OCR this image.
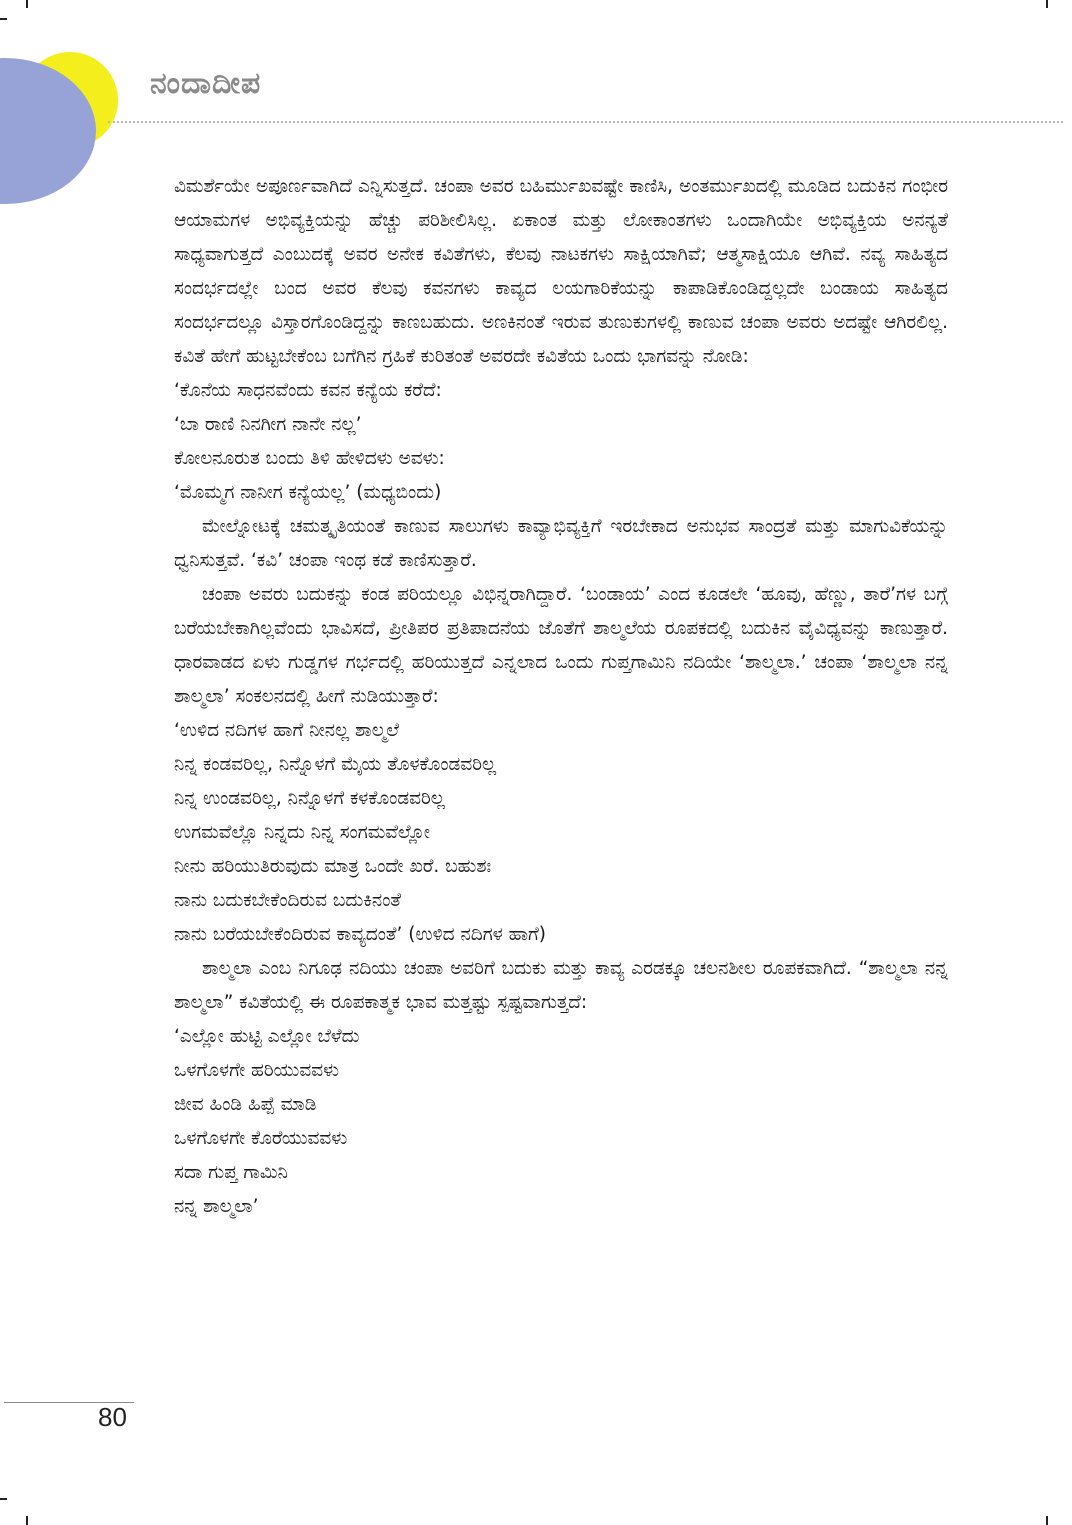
ನಂದಾದೀಪ

ವಿಮರ್ಶೆಯೇ ಅಪೂರ್ಣವಾಗಿದೆ ಎನ್ನಿಸುತ್ತದೆ. ಚಂಪಾ ಅವರ ಬಹಿರ್ಮುಖವಷ್ಟೇ ಕಾಣಿಸಿ, ಅಂತರ್ಮುಖದಲ್ಲಿ ಮೂಡಿದ ಬದುಕಿನ ಗಂಭೀರ ಆಯಾಮಗಳ ಅಭಿವ್ಯಕ್ತಿಯನ್ನು ಹೆಚ್ಚು ಪರಿಶೀಲಿಸಿಲ್ಲ. ಏಕಾಂತ ಮತ್ತು ಲೋಕಾಂತಗಳು ಒಂದಾಗಿಯೇ ಅಭಿವ್ಯಕ್ತಿಯ ಅನನ್ಯತೆ ಸಾಧ್ಯವಾಗುತ್ತದೆ ಎಂಬುದಕ್ಕೆ ಅವರ ಅನೇಕ ಕವಿತೆಗಳು, ಕೆಲವು ನಾಟಕಗಳು ಸಾಕ್ಷಿಯಾಗಿವೆ; ಆತ್ಮಸಾಕ್ಷಿಯೂ ಆಗಿವೆ. ನವ್ಯ ಸಾಹಿತ್ಯದ ಸಂದರ್ಭದಲ್ಲೇ ಬಂದ ಅವರ ಕೆಲವು ಕವನಗಳು ಕಾವ್ಯದ ಲಯಗಾರಿಕೆಯನ್ನು ಕಾಪಾಡಿಕೊಂಡಿದ್ದಲ್ಲದೇ ಬಂಡಾಯ ಸಾಹಿತ್ಯದ ಸಂದರ್ಭದಲ್ಲೂ ವಿಸ್ತಾರಗೊಂಡಿದ್ದನ್ನು ಕಾಣಬಹುದು. ಅಣಕಿನಂತೆ ಇರುವ ತುಣುಕುಗಳಲ್ಲಿ ಕಾಣುವ ಚಂಪಾ ಅವರು ಅದಷ್ಟೇ ಆಗಿರಲಿಲ್ಲ. ಕವಿತೆ ಹೇಗೆ ಹುಟ್ಟಬೇಕೆಂಬ ಬಗೆಗಿನ ಗ್ರಹಿಕೆ ಕುರಿತಂತೆ ಅವರದೇ ಕವಿತೆಯ ಒಂದು ಭಾಗವನ್ನು ನೋಡಿ:

‘ಕೊನೆಯ ಸಾಧನವೆಂದು ಕವನ ಕನ್ಯೆಯ ಕರೆದೆ:
‘ಬಾ ರಾಣಿ ನಿನಗೀಗ ನಾನೇ ನಲ್ಲ’
ಕೋಲನೂರುತ ಬಂದು ತಿಳಿ ಹೇಳಿದಳು ಅವಳು:
‘ಮೊಮ್ಮಗ ನಾನೀಗ ಕನ್ಯೆಯಲ್ಲ’ (ಮಧ್ಯಬಿಂದು)

ಮೇಲ್ನೋಟಕ್ಕೆ ಚಮತ್ಕೃತಿಯಂತೆ ಕಾಣುವ ಸಾಲುಗಳು ಕಾವ್ಯಾಭಿವ್ಯಕ್ತಿಗೆ ಇರಬೇಕಾದ ಅನುಭವ ಸಾಂದ್ರತೆ ಮತ್ತು ಮಾಗುವಿಕೆಯನ್ನು ಧ್ವನಿಸುತ್ತವೆ. ‘ಕವಿ’ ಚಂಪಾ ಇಂಥ ಕಡೆ ಕಾಣಿಸುತ್ತಾರೆ.

ಚಂಪಾ ಅವರು ಬದುಕನ್ನು ಕಂಡ ಪರಿಯಲ್ಲೂ ವಿಭಿನ್ನರಾಗಿದ್ದಾರೆ. ‘ಬಂಡಾಯ’ ಎಂದ ಕೂಡಲೇ ‘ಹೂವು, ಹೆಣ್ಣು, ತಾರೆ’ಗಳ ಬಗ್ಗೆ ಬರೆಯಬೇಕಾಗಿಲ್ಲವೆಂದು ಭಾವಿಸದೆ, ಪ್ರೀತಿಪರ ಪ್ರತಿಪಾದನೆಯ ಜೊತೆಗೆ ಶಾಲ್ಮಲೆಯ ರೂಪಕದಲ್ಲಿ ಬದುಕಿನ ವೈವಿಧ್ಯವನ್ನು ಕಾಣುತ್ತಾರೆ. ಧಾರವಾಡದ ಏಳು ಗುಡ್ಡಗಳ ಗರ್ಭದಲ್ಲಿ ಹರಿಯುತ್ತದೆ ಎನ್ನಲಾದ ಒಂದು ಗುಪ್ತಗಾಮಿನಿ ನದಿಯೇ ‘ಶಾಲ್ಮಲಾ.’ ಚಂಪಾ ‘ಶಾಲ್ಮಲಾ ನನ್ನ ಶಾಲ್ಮಲಾ’ ಸಂಕಲನದಲ್ಲಿ ಹೀಗೆ ನುಡಿಯುತ್ತಾರೆ:

‘ಉಳಿದ ನದಿಗಳ ಹಾಗೆ ನೀನಲ್ಲ ಶಾಲ್ಮಲೆ
ನಿನ್ನ ಕಂಡವರಿಲ್ಲ, ನಿನ್ನೊಳಗೆ ಮೈಯ ತೊಳಕೊಂಡವರಿಲ್ಲ
ನಿನ್ನ ಉಂಡವರಿಲ್ಲ, ನಿನ್ನೊಳಗೆ ಕಳಕೊಂಡವರಿಲ್ಲ
ಉಗಮವೆಲ್ಲೊ ನಿನ್ನದು ನಿನ್ನ ಸಂಗಮವೆಲ್ಲೋ
ನೀನು ಹರಿಯುತಿರುವುದು ಮಾತ್ರ ಒಂದೇ ಖರೆ. ಬಹುಶಃ
ನಾನು ಬದುಕಬೇಕೆಂದಿರುವ ಬದುಕಿನಂತೆ
ನಾನು ಬರೆಯಬೇಕೆಂದಿರುವ ಕಾವ್ಯದಂತೆ’ (ಉಳಿದ ನದಿಗಳ ಹಾಗೆ)

ಶಾಲ್ಮಲಾ ಎಂಬ ನಿಗೂಢ ನದಿಯು ಚಂಪಾ ಅವರಿಗೆ ಬದುಕು ಮತ್ತು ಕಾವ್ಯ ಎರಡಕ್ಕೂ ಚಲನಶೀಲ ರೂಪಕವಾಗಿದೆ. “ಶಾಲ್ಮಲಾ ನನ್ನ ಶಾಲ್ಮಲಾ” ಕವಿತೆಯಲ್ಲಿ ಈ ರೂಪಕಾತ್ಮಕ ಭಾವ ಮತ್ತಷ್ಟು ಸ್ಪಷ್ಟವಾಗುತ್ತದೆ:

‘ಎಲ್ಲೋ ಹುಟ್ಟಿ ಎಲ್ಲೋ ಬೆಳೆದು
ಒಳಗೊಳಗೇ ಹರಿಯುವವಳು
ಜೀವ ಹಿಂಡಿ ಹಿಪ್ಪೆ ಮಾಡಿ
ಒಳಗೊಳಗೇ ಕೊರೆಯುವವಳು
ಸದಾ ಗುಪ್ತ ಗಾಮಿನಿ
ನನ್ನ ಶಾಲ್ಮಲಾ’
80
